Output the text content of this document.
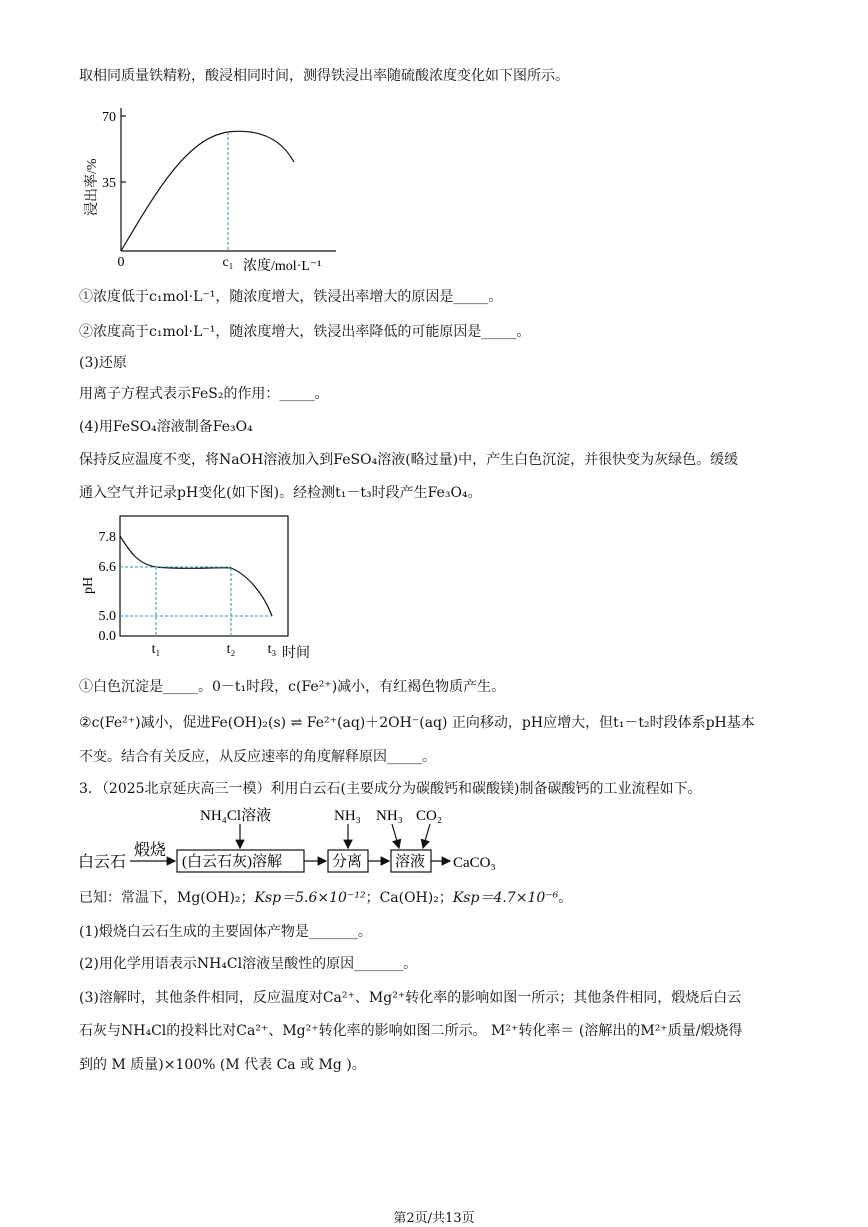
取相同质量铁精粉，酸浸相同时间，测得铁浸出率随硫酸浓度变化如下图所示。
70
35
0	c₁ 浓度/mol·L⁻¹
浸出率/%
①浓度低于c₁mol·L⁻¹，随浓度增大，铁浸出率增大的原因是_____。
②浓度高于c₁mol·L⁻¹，随浓度增大，铁浸出率降低的可能原因是_____。
(3)还原
用离子方程式表示FeS₂的作用：_____。
(4)用FeSO₄溶液制备Fe₃O₄
保持反应温度不变，将NaOH溶液加入到FeSO₄溶液(略过量)中，产生白色沉淀，并很快变为灰绿色。缓缓
通入空气并记录pH变化(如下图)。经检测t₁－t₃时段产生Fe₃O₄。
7.8
6.6
5.0
0.0
t₁	t₂ t₃ 时间
pH
①白色沉淀是_____。0－t₁时段，c(Fe²⁺)减小，有红褐色物质产生。
②c(Fe²⁺)减小，促进Fe(OH)₂(s) ⇌ Fe²⁺(aq)＋2OH⁻(aq) 正向移动，pH应增大，但t₁－t₂时段体系pH基本
不变。结合有关反应，从反应速率的角度解释原因_____。
3．（2025北京延庆高三一模）利用白云石(主要成分为碳酸钙和碳酸镁)制备碳酸钙的工业流程如下。
白云石
煅烧
(白云石灰)溶解	分离 溶液 CaCO₃
NH₄Cl溶液	NH₃ NH₃ CO₂
已知：常温下，Mg(OH)₂；Ksp＝5.6×10⁻¹²；Ca(OH)₂；Ksp＝4.7×10⁻⁶。
(1)煅烧白云石生成的主要固体产物是_______。
(2)用化学用语表示NH₄Cl溶液呈酸性的原因_______。
(3)溶解时，其他条件相同，反应温度对Ca²⁺、Mg²⁺转化率的影响如图一所示；其他条件相同，煅烧后白云
石灰与NH₄Cl的投料比对Ca²⁺、Mg²⁺转化率的影响如图二所示。 M²⁺转化率＝ (溶解出的M²⁺质量/煅烧得
到的 M 质量)×100% (M 代表 Ca 或 Mg )。
第2页/共13页
